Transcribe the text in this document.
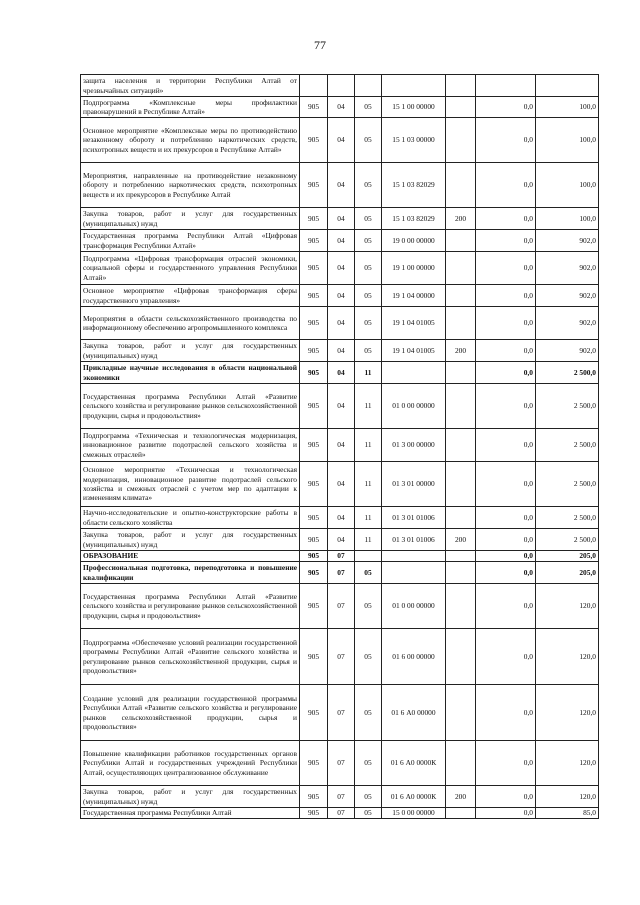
77
защита населения и территории Республики Алтай от чрезвычайных ситуаций»							
Подпрограмма «Комплексные меры профилактики правонарушений в Республике Алтай»	905	04	05	15 1 00 00000		0,0	100,0
Основное мероприятие «Комплексные меры по противодействию незаконному обороту и потреблению наркотических средств, психотропных веществ и их прекурсоров в Республике Алтай»	905	04	05	15 1 03 00000		0,0	100,0
Мероприятия, направленные на противодействие незаконному обороту и потреблению наркотических средств, психотропных веществ и их прекурсоров в Республике Алтай	905	04	05	15 1 03 82029		0,0	100,0
Закупка товаров, работ и услуг для государственных (муниципальных) нужд	905	04	05	15 1 03 82029	200	0,0	100,0
Государственная программа Республики Алтай «Цифровая трансформация Республики Алтай»	905	04	05	19 0 00 00000		0,0	902,0
Подпрограмма «Цифровая трансформация отраслей экономики, социальной сферы и государственного управления Республики Алтай»	905	04	05	19 1 00 00000		0,0	902,0
Основное мероприятие «Цифровая трансформация сферы государственного управления»	905	04	05	19 1 04 00000		0,0	902,0
Мероприятия в области сельскохозяйственного производства по информационному обеспечению агропромышленного комплекса	905	04	05	19 1 04 01005		0,0	902,0
Закупка товаров, работ и услуг для государственных (муниципальных) нужд	905	04	05	19 1 04 01005	200	0,0	902,0
Прикладные научные исследования в области национальной экономики	905	04	11			0,0	2 500,0
Государственная программа Республики Алтай «Развитие сельского хозяйства и регулирование рынков сельскохозяйственной продукции, сырья и продовольствия»	905	04	11	01 0 00 00000		0,0	2 500,0
Подпрограмма «Техническая и технологическая модернизация, инновационное развитие подотраслей сельского хозяйства и смежных отраслей»	905	04	11	01 3 00 00000		0,0	2 500,0
Основное мероприятие «Техническая и технологическая модернизация, инновационное развитие подотраслей сельского хозяйства и смежных отраслей с учетом мер по адаптации к изменениям климата»	905	04	11	01 3 01 00000		0,0	2 500,0
Научно-исследовательские и опытно-конструкторские работы в области сельского хозяйства	905	04	11	01 3 01 01006		0,0	2 500,0
Закупка товаров, работ и услуг для государственных (муниципальных) нужд	905	04	11	01 3 01 01006	200	0,0	2 500,0
ОБРАЗОВАНИЕ	905	07				0,0	205,0
Профессиональная подготовка, переподготовка и повышение квалификации	905	07	05			0,0	205,0
Государственная программа Республики Алтай «Развитие сельского хозяйства и регулирование рынков сельскохозяйственной продукции, сырья и продовольствия»	905	07	05	01 0 00 00000		0,0	120,0
Подпрограмма «Обеспечение условий реализации государственной программы Республики Алтай «Развитие сельского хозяйства и регулирование рынков сельскохозяйственной продукции, сырья и продовольствия»	905	07	05	01 6 00 00000		0,0	120,0
Создание условий для реализации государственной программы Республики Алтай «Развитие сельского хозяйства и регулирование рынков сельскохозяйственной продукции, сырья и продовольствия»	905	07	05	01 6 А0 00000		0,0	120,0
Повышение квалификации работников государственных органов Республики Алтай и государственных учреждений Республики Алтай, осуществляющих централизованное обслуживание	905	07	05	01 6 А0 0000К		0,0	120,0
Закупка товаров, работ и услуг для государственных (муниципальных) нужд	905	07	05	01 6 А0 0000К	200	0,0	120,0
Государственная программа Республики Алтай	905	07	05	15 0 00 00000		0,0	85,0
